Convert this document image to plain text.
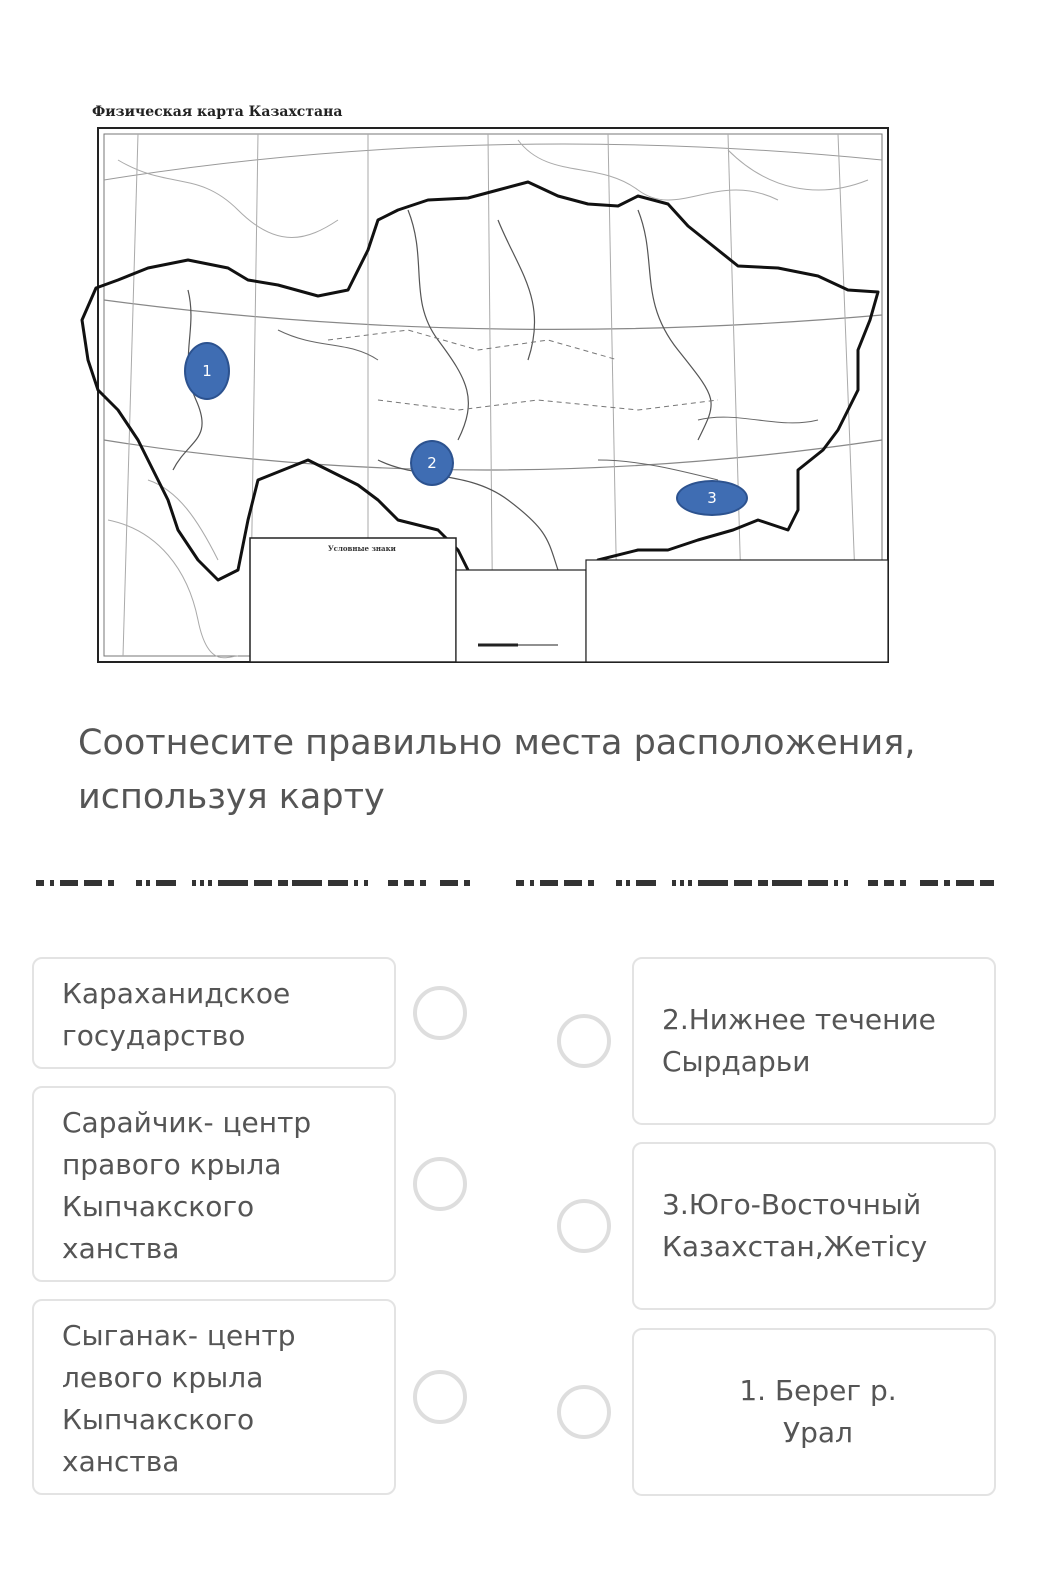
Физическая карта Казахстана
Условные знаки
1
2
3
Соотнесите правильно места расположения, используя карту
Караханидское государство
Сарайчик- центр правого крыла Кыпчакского ханства
Сыганак- центр левого крыла Кыпчакского ханства
2.Нижнее течение Сырдарьи
3.Юго-Восточный Казахстан,Жетісу
1. Берег р. Урал
